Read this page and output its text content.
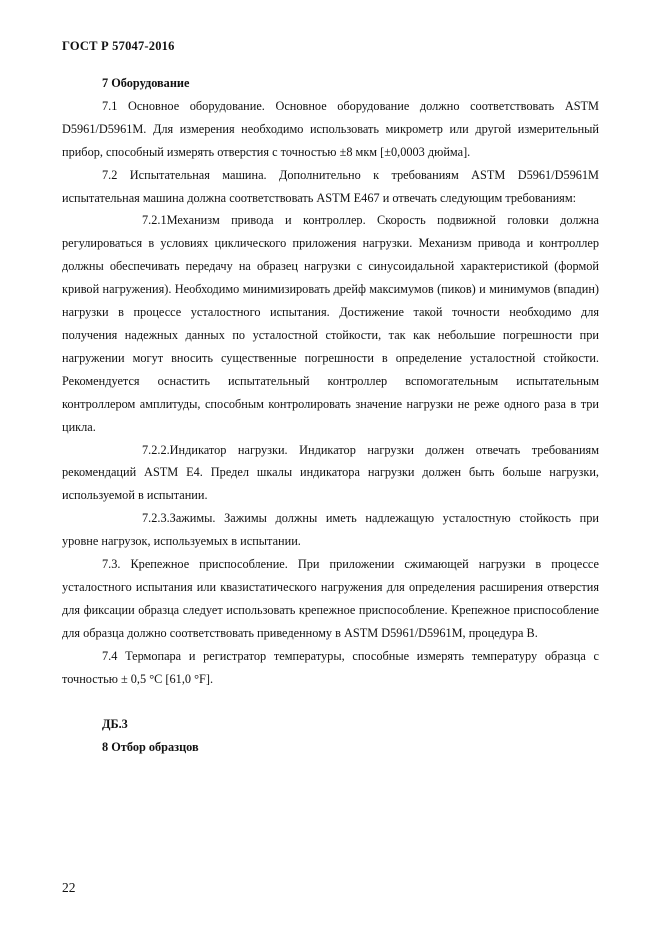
ГОСТ Р 57047-2016

7 Оборудование

7.1 Основное оборудование. Основное оборудование должно соответствовать ASTM D5961/D5961M. Для измерения необходимо использовать микрометр или другой измерительный прибор, способный измерять отверстия с точностью ±8 мкм [±0,0003 дюйма].

7.2 Испытательная машина. Дополнительно к требованиям ASTM D5961/D5961M испытательная машина должна соответствовать ASTM E467 и отвечать следующим требованиям:

7.2.1Механизм привода и контроллер. Скорость подвижной головки должна регулироваться в условиях циклического приложения нагрузки. Механизм привода и контроллер должны обеспечивать передачу на образец нагрузки с синусоидальной характеристикой (формой кривой нагружения). Необходимо минимизировать дрейф максимумов (пиков) и минимумов (впадин) нагрузки в процессе усталостного испытания. Достижение такой точности необходимо для получения надежных данных по усталостной стойкости, так как небольшие погрешности при нагружении могут вносить существенные погрешности в определение усталостной стойкости. Рекомендуется оснастить испытательный контроллер вспомогательным испытательным контроллером амплитуды, способным контролировать значение нагрузки не реже одного раза в три цикла.

7.2.2.Индикатор нагрузки. Индикатор нагрузки должен отвечать требованиям рекомендаций ASTM E4. Предел шкалы индикатора нагрузки должен быть больше нагрузки, используемой в испытании.

7.2.3.Зажимы. Зажимы должны иметь надлежащую усталостную стойкость при уровне нагрузок, используемых в испытании.

7.3. Крепежное приспособление. При приложении сжимающей нагрузки в процессе усталостного испытания или квазистатического нагружения для определения расширения отверстия для фиксации образца следует использовать крепежное приспособление. Крепежное приспособление для образца должно соответствовать приведенному в ASTM D5961/D5961M, процедура B.

7.4 Термопара и регистратор температуры, способные измерять температуру образца с точностью ± 0,5 °C [61,0 °F].

ДБ.3

8 Отбор образцов

22
